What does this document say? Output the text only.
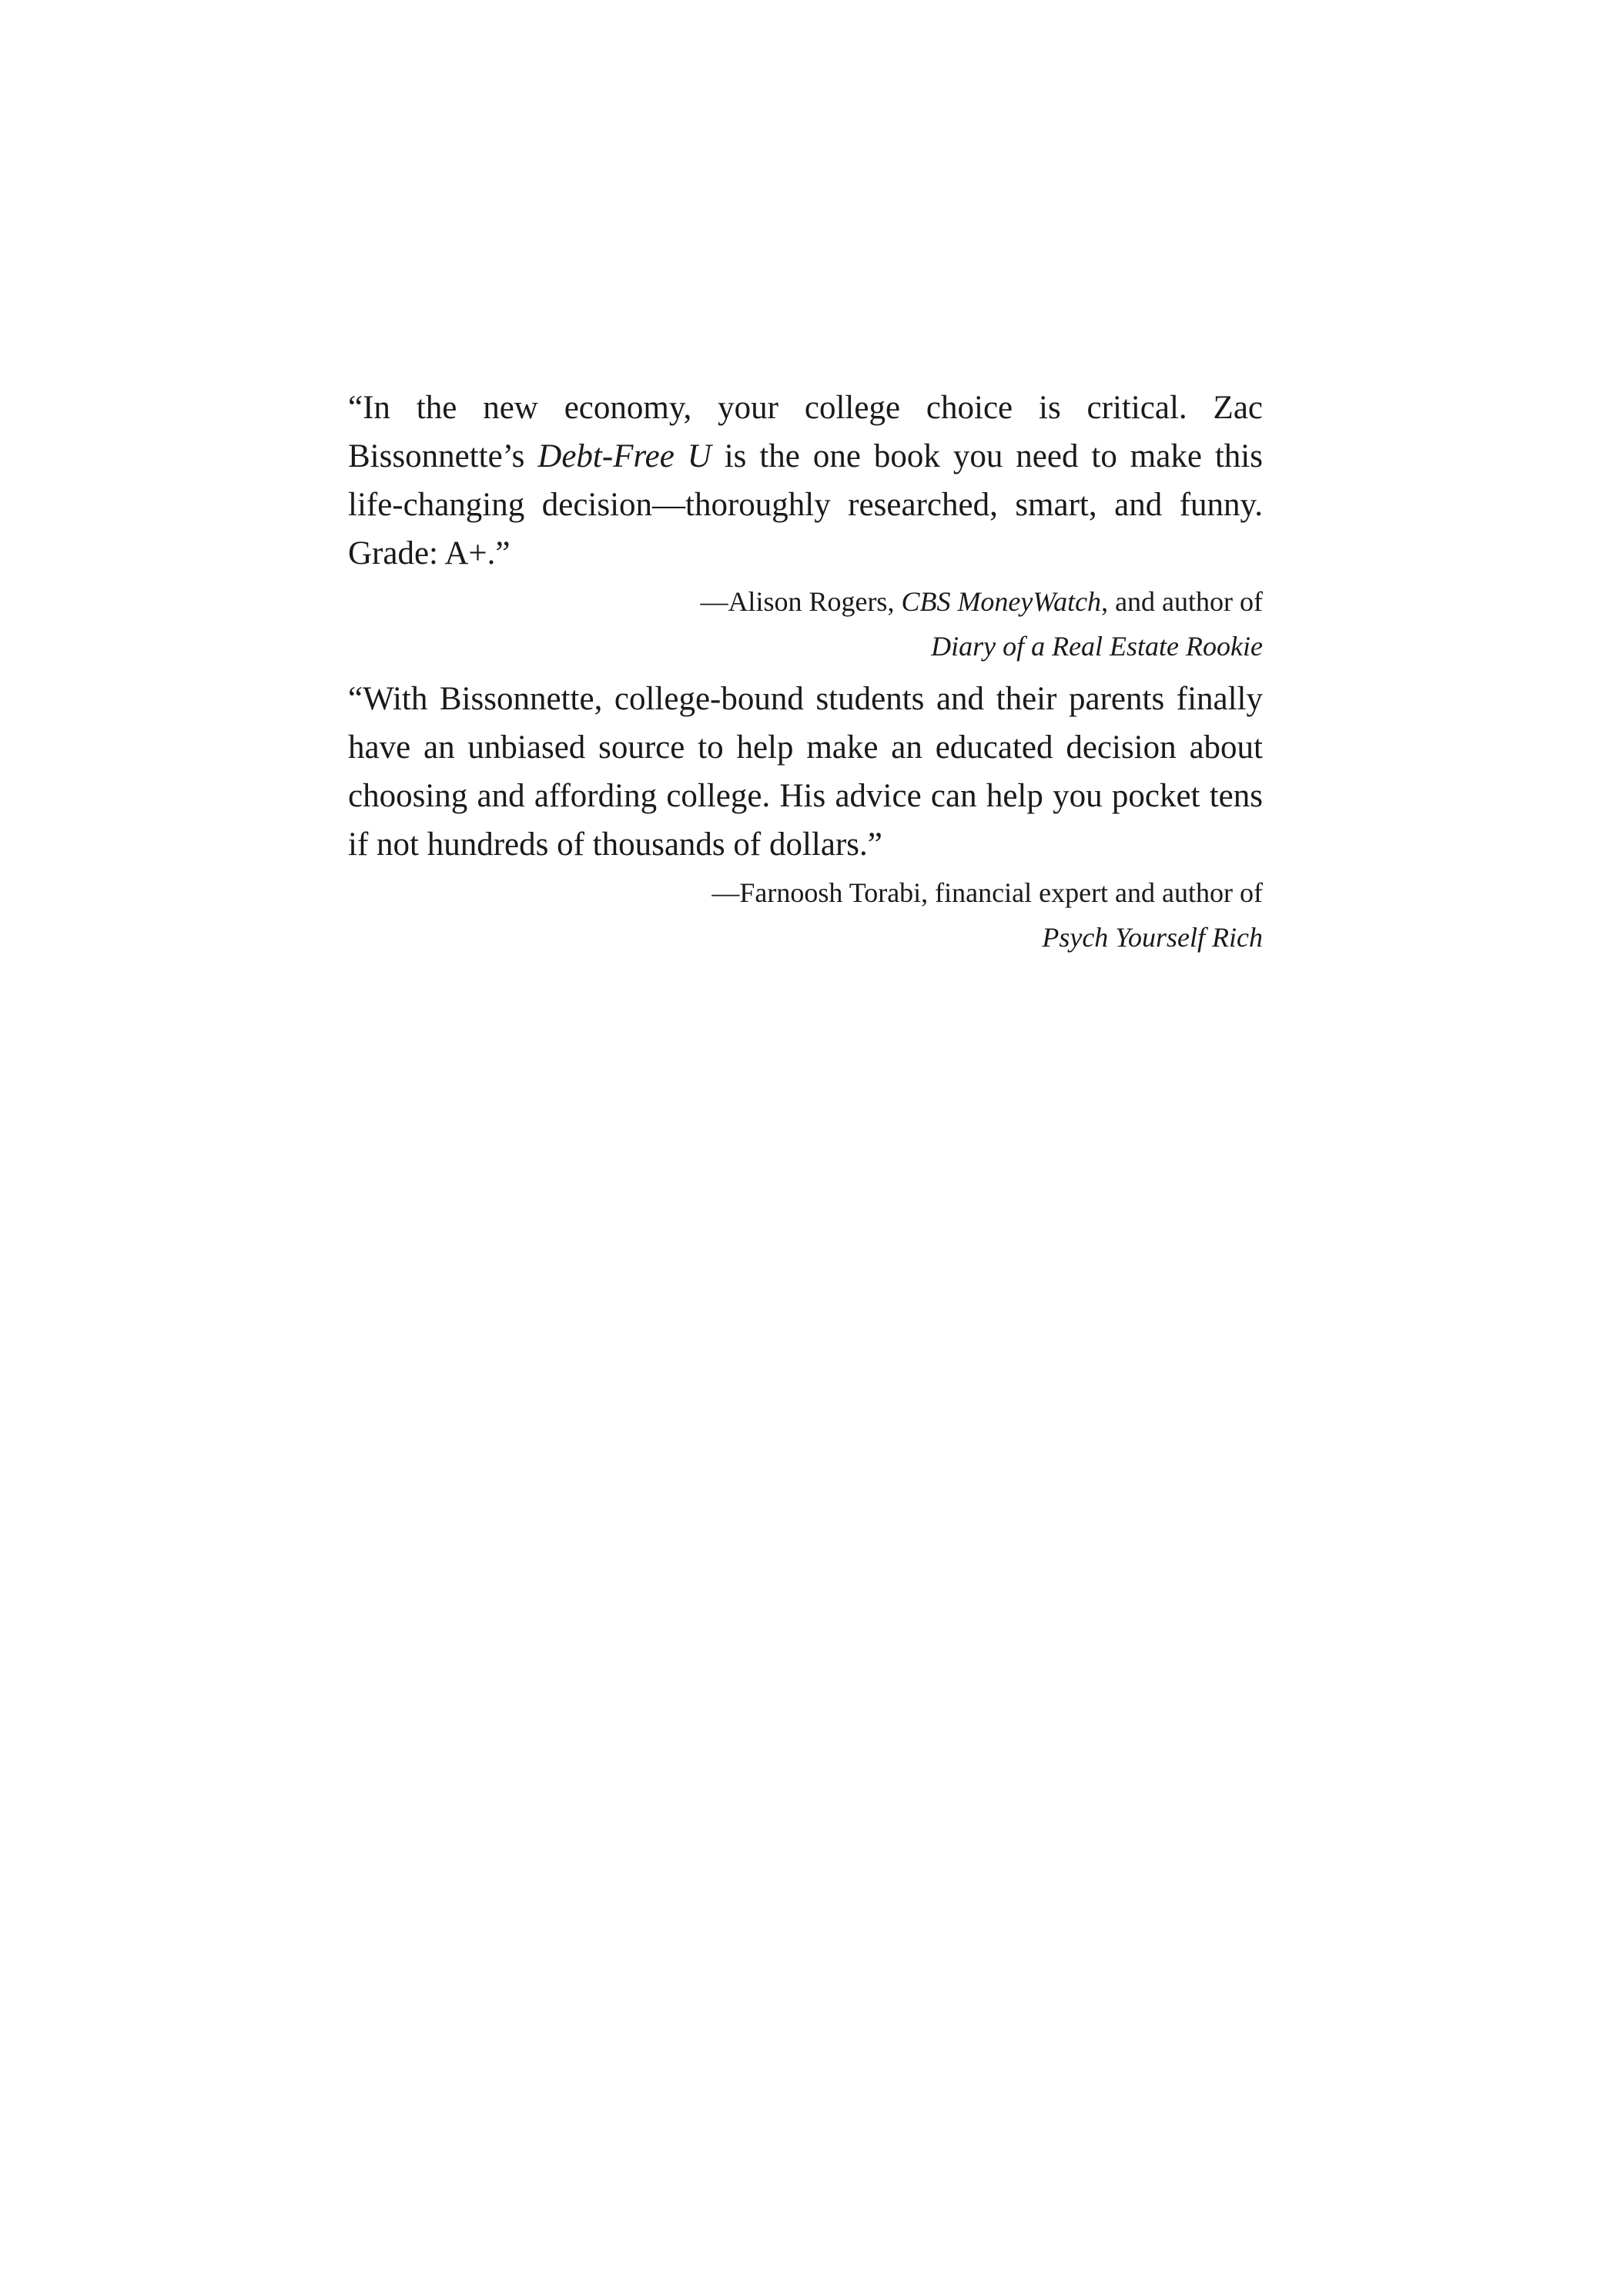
“In the new economy, your college choice is critical. Zac Bissonnette’s Debt-Free U is the one book you need to make this life-changing decision—thoroughly researched, smart, and funny. Grade: A+.”

—Alison Rogers, CBS MoneyWatch, and author of
Diary of a Real Estate Rookie

“With Bissonnette, college-bound students and their parents finally have an unbiased source to help make an educated decision about choosing and affording college. His advice can help you pocket tens if not hundreds of thousands of dollars.”

—Farnoosh Torabi, financial expert and author of
Psych Yourself Rich
